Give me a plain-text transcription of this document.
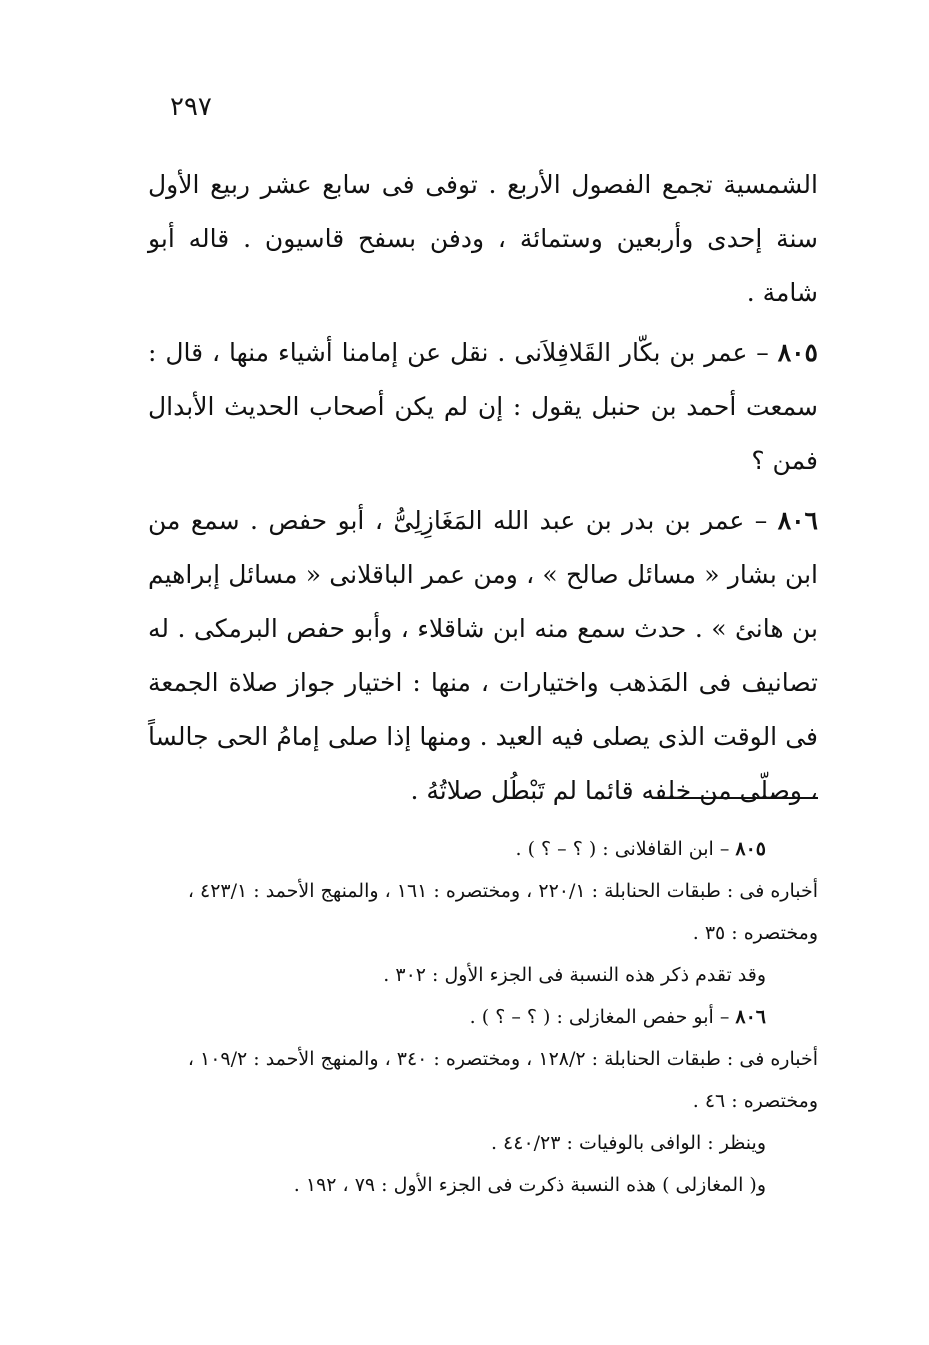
٢٩٧

الشمسية تجمع الفصول الأربع . توفى فى سابع عشر ربيع الأول سنة إحدى وأربعين وستمائة ، ودفن بسفح قاسيون . قاله أبو شامة .

٨٠٥ – عمر بن بكّار القَلافِلاَنى . نقل عن إمامنا أشياء منها ، قال : سمعت أحمد بن حنبل يقول : إن لم يكن أصحاب الحديث الأبدال فمن ؟

٨٠٦ – عمر بن بدر بن عبد الله المَغَازِلِىُّ ، أبو حفص . سمع من ابن بشار « مسائل صالح » ، ومن عمر الباقلانى « مسائل إبراهيم بن هانئ » . حدث سمع منه ابن شاقلاء ، وأبو حفص البرمكى . له تصانيف فى المَذهب واختيارات ، منها : اختيار جواز صلاة الجمعة فى الوقت الذى يصلى فيه العيد . ومنها إذا صلى إمامُ الحى جالساً ، وصلّى من خلفه قائما لم تَبْطُل صلاتُهُ .

٨٠٥ – ابن القافلانى : ( ؟ – ؟ ) .

أخباره فى : طبقات الحنابلة : ٢٢٠/١ ، ومختصره : ١٦١ ، والمنهج الأحمد : ٤٢٣/١ ، ومختصره : ٣٥ .

وقد تقدم ذكر هذه النسبة فى الجزء الأول : ٣٠٢ .

٨٠٦ – أبو حفص المغازلى : ( ؟ – ؟ ) .

أخباره فى : طبقات الحنابلة : ١٢٨/٢ ، ومختصره : ٣٤٠ ، والمنهج الأحمد : ١٠٩/٢ ، ومختصره : ٤٦ .

وينظر : الوافى بالوفيات : ٤٤٠/٢٣ .

و( المغازلى ) هذه النسبة ذكرت فى الجزء الأول : ٧٩ ، ١٩٢ .
